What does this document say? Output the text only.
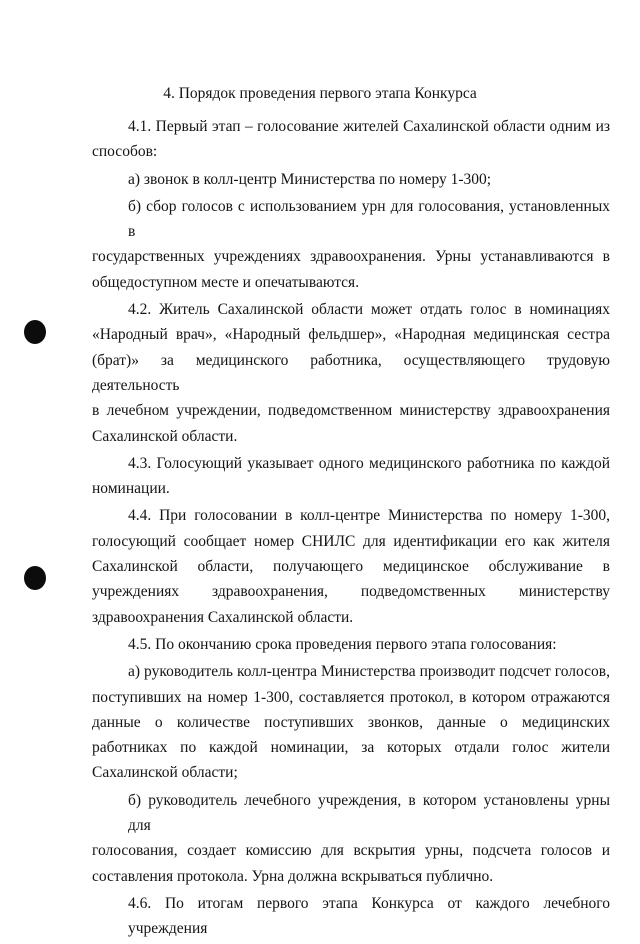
4. Порядок проведения первого этапа Конкурса
4.1. Первый этап – голосование жителей Сахалинской области одним из
способов:
а) звонок в колл-центр Министерства по номеру 1-300;
б) сбор голосов с использованием урн для голосования, установленных в
государственных учреждениях здравоохранения. Урны устанавливаются в
общедоступном месте и опечатываются.
4.2. Житель Сахалинской области может отдать голос в номинациях
«Народный врач», «Народный фельдшер», «Народная медицинская сестра
(брат)» за медицинского работника, осуществляющего трудовую деятельность
в лечебном учреждении, подведомственном министерству здравоохранения
Сахалинской области.
4.3. Голосующий указывает одного медицинского работника по каждой
номинации.
4.4. При голосовании в колл-центре Министерства по номеру 1-300,
голосующий сообщает номер СНИЛС для идентификации его как жителя
Сахалинской области, получающего медицинское обслуживание в
учреждениях здравоохранения, подведомственных министерству
здравоохранения Сахалинской области.
4.5. По окончанию срока проведения первого этапа голосования:
а) руководитель колл-центра Министерства производит подсчет голосов,
поступивших на номер 1-300, составляется протокол, в котором отражаются
данные о количестве поступивших звонков, данные о медицинских
работниках по каждой номинации, за которых отдали голос жители
Сахалинской области;
б) руководитель лечебного учреждения, в котором установлены урны для
голосования, создает комиссию для вскрытия урны, подсчета голосов и
составления протокола. Урна должна вскрываться публично.
4.6. По итогам первого этапа Конкурса от каждого лечебного учреждения
